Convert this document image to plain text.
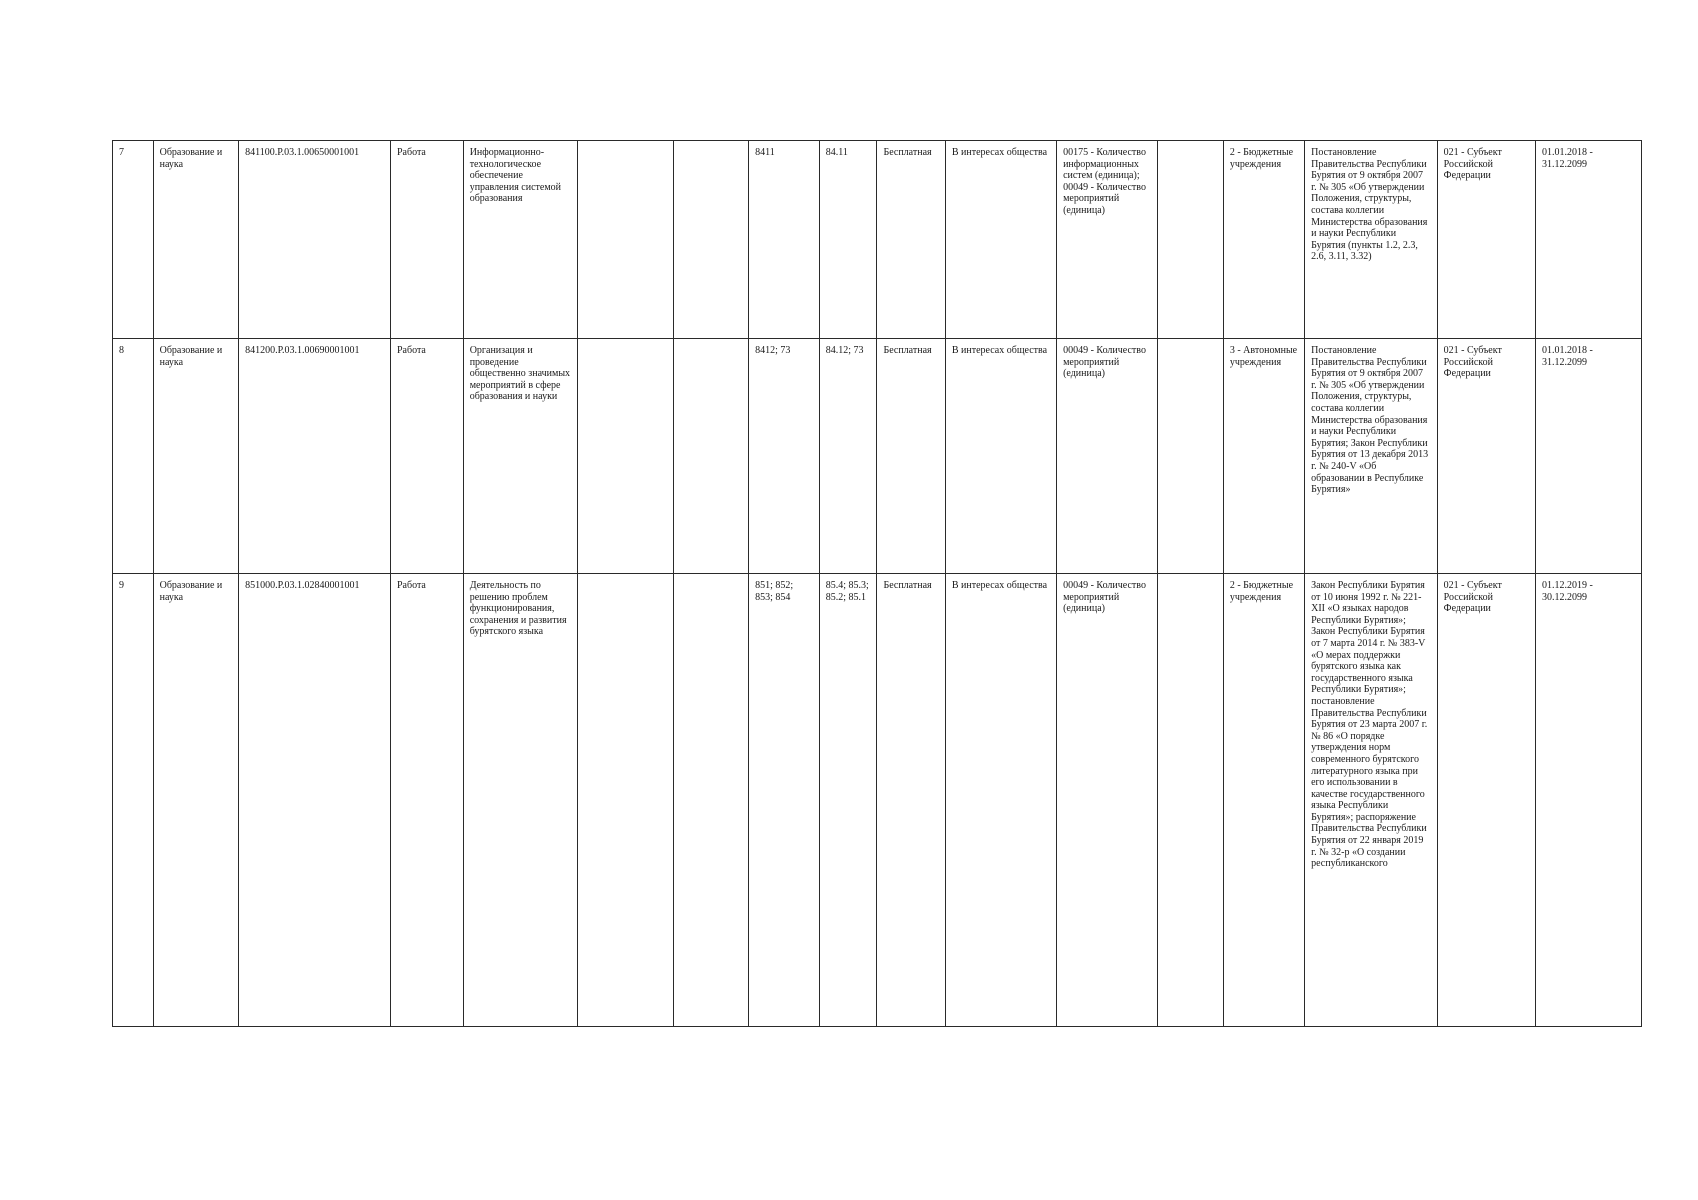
7	Образование и наука	841100.Р.03.1.00650001001	Работа	Информационно-технологическое обеспечение управления системой образования			8411	84.11	Бесплатная	В интересах общества	00175 - Количество информационных систем (единица); 00049 - Количество мероприятий (единица)		2 - Бюджетные учреждения	Постановление Правительства Республики Бурятия от 9 октября 2007 г. № 305 «Об утверждении Положения, структуры, состава коллегии Министерства образования и науки Республики Бурятия (пункты 1.2, 2.3, 2.6, 3.11, 3.32)	021 - Субъект Российской Федерации	01.01.2018 - 31.12.2099
8	Образование и наука	841200.Р.03.1.00690001001	Работа	Организация и проведение общественно значимых мероприятий в сфере образования и науки			8412; 73	84.12; 73	Бесплатная	В интересах общества	00049 - Количество мероприятий (единица)		3 - Автономные учреждения	Постановление Правительства Республики Бурятия от 9 октября 2007 г. № 305 «Об утверждении Положения, структуры, состава коллегии Министерства образования и науки Республики Бурятия; Закон Республики Бурятия от 13 декабря 2013 г. № 240-V «Об образовании в Республике Бурятия»	021 - Субъект Российской Федерации	01.01.2018 - 31.12.2099
9	Образование и наука	851000.Р.03.1.02840001001	Работа	Деятельность по решению проблем функционирования, сохранения и развития бурятского языка			851; 852; 853; 854	85.4; 85.3; 85.2; 85.1	Бесплатная	В интересах общества	00049 - Количество мероприятий (единица)		2 - Бюджетные учреждения	Закон Республики Бурятия от 10 июня 1992 г. № 221-XII «О языках народов Республики Бурятия»; Закон Республики Бурятия от 7 марта 2014 г. № 383-V «О мерах поддержки бурятского языка как государственного языка Республики Бурятия»; постановление Правительства Республики Бурятия от 23 марта 2007 г. № 86 «О порядке утверждения норм современного бурятского литературного языка при его использовании в качестве государственного языка Республики Бурятия»; распоряжение Правительства Республики Бурятия от 22 января 2019 г. № 32-р «О создании республиканского	021 - Субъект Российской Федерации	01.12.2019 - 30.12.2099
